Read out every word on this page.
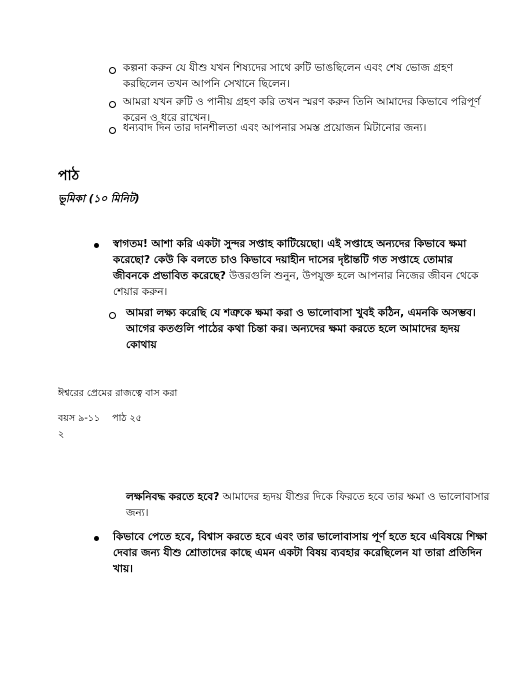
কল্পনা করুন যে যীশু যখন শিষ্যদের সাথে রুটি ভাঙছিলেন এবং শেষ ভোজ গ্রহণ করছিলেন তখন আপনি সেখানে ছিলেন।
আমরা যখন রুটি ও পানীয় গ্রহণ করি তখন স্মরণ করুন তিনি আমাদের কিভাবে পরিপূর্ণ করেন ও ধরে রাখেন।
ধন্যবাদ দিন তার দানশীলতা এবং আপনার সমস্ত প্রয়োজন মিটানোর জন্য।
পাঠ
ভূমিকা (১০ মিনিট)
স্বাগতম! আশা করি একটা সুন্দর সপ্তাহ কাটিয়েছো। এই সপ্তাহে অন্যদের কিভাবে ক্ষমা করেছো? কেউ কি বলতে চাও কিভাবে দয়াহীন দাসের দৃষ্টান্তটি গত সপ্তাহে তোমার জীবনকে প্রভাবিত করেছে? উত্তরগুলি শুনুন, উপযুক্ত হলে আপনার নিজের জীবন থেকে শেয়ার করুন।
আমরা লক্ষ্য করেছি যে শত্রুকে ক্ষমা করা ও ভালোবাসা খুবই কঠিন, এমনকি অসম্ভব। আগের কতগুলি পাঠের কথা চিন্তা কর। অন্যদের ক্ষমা করতে হলে আমাদের হৃদয় কোথায়
ঈশ্বরের প্রেমের রাজত্বে বাস করা
বয়স ৯-১১    পাঠ ২৫
২
লক্ষনিবদ্ধ করতে হবে? আমাদের হৃদয় যীশুর দিকে ফিরতে হবে তার ক্ষমা ও ভালোবাসার জন্য।
কিভাবে পেতে হবে, বিশ্বাস করতে হবে এবং তার ভালোবাসায় পূর্ণ হতে হবে এবিষয়ে শিক্ষা দেবার জন্য যীশু শ্রোতাদের কাছে এমন একটা বিষয় ব্যবহার করেছিলেন যা তারা প্রতিদিন খায়।
